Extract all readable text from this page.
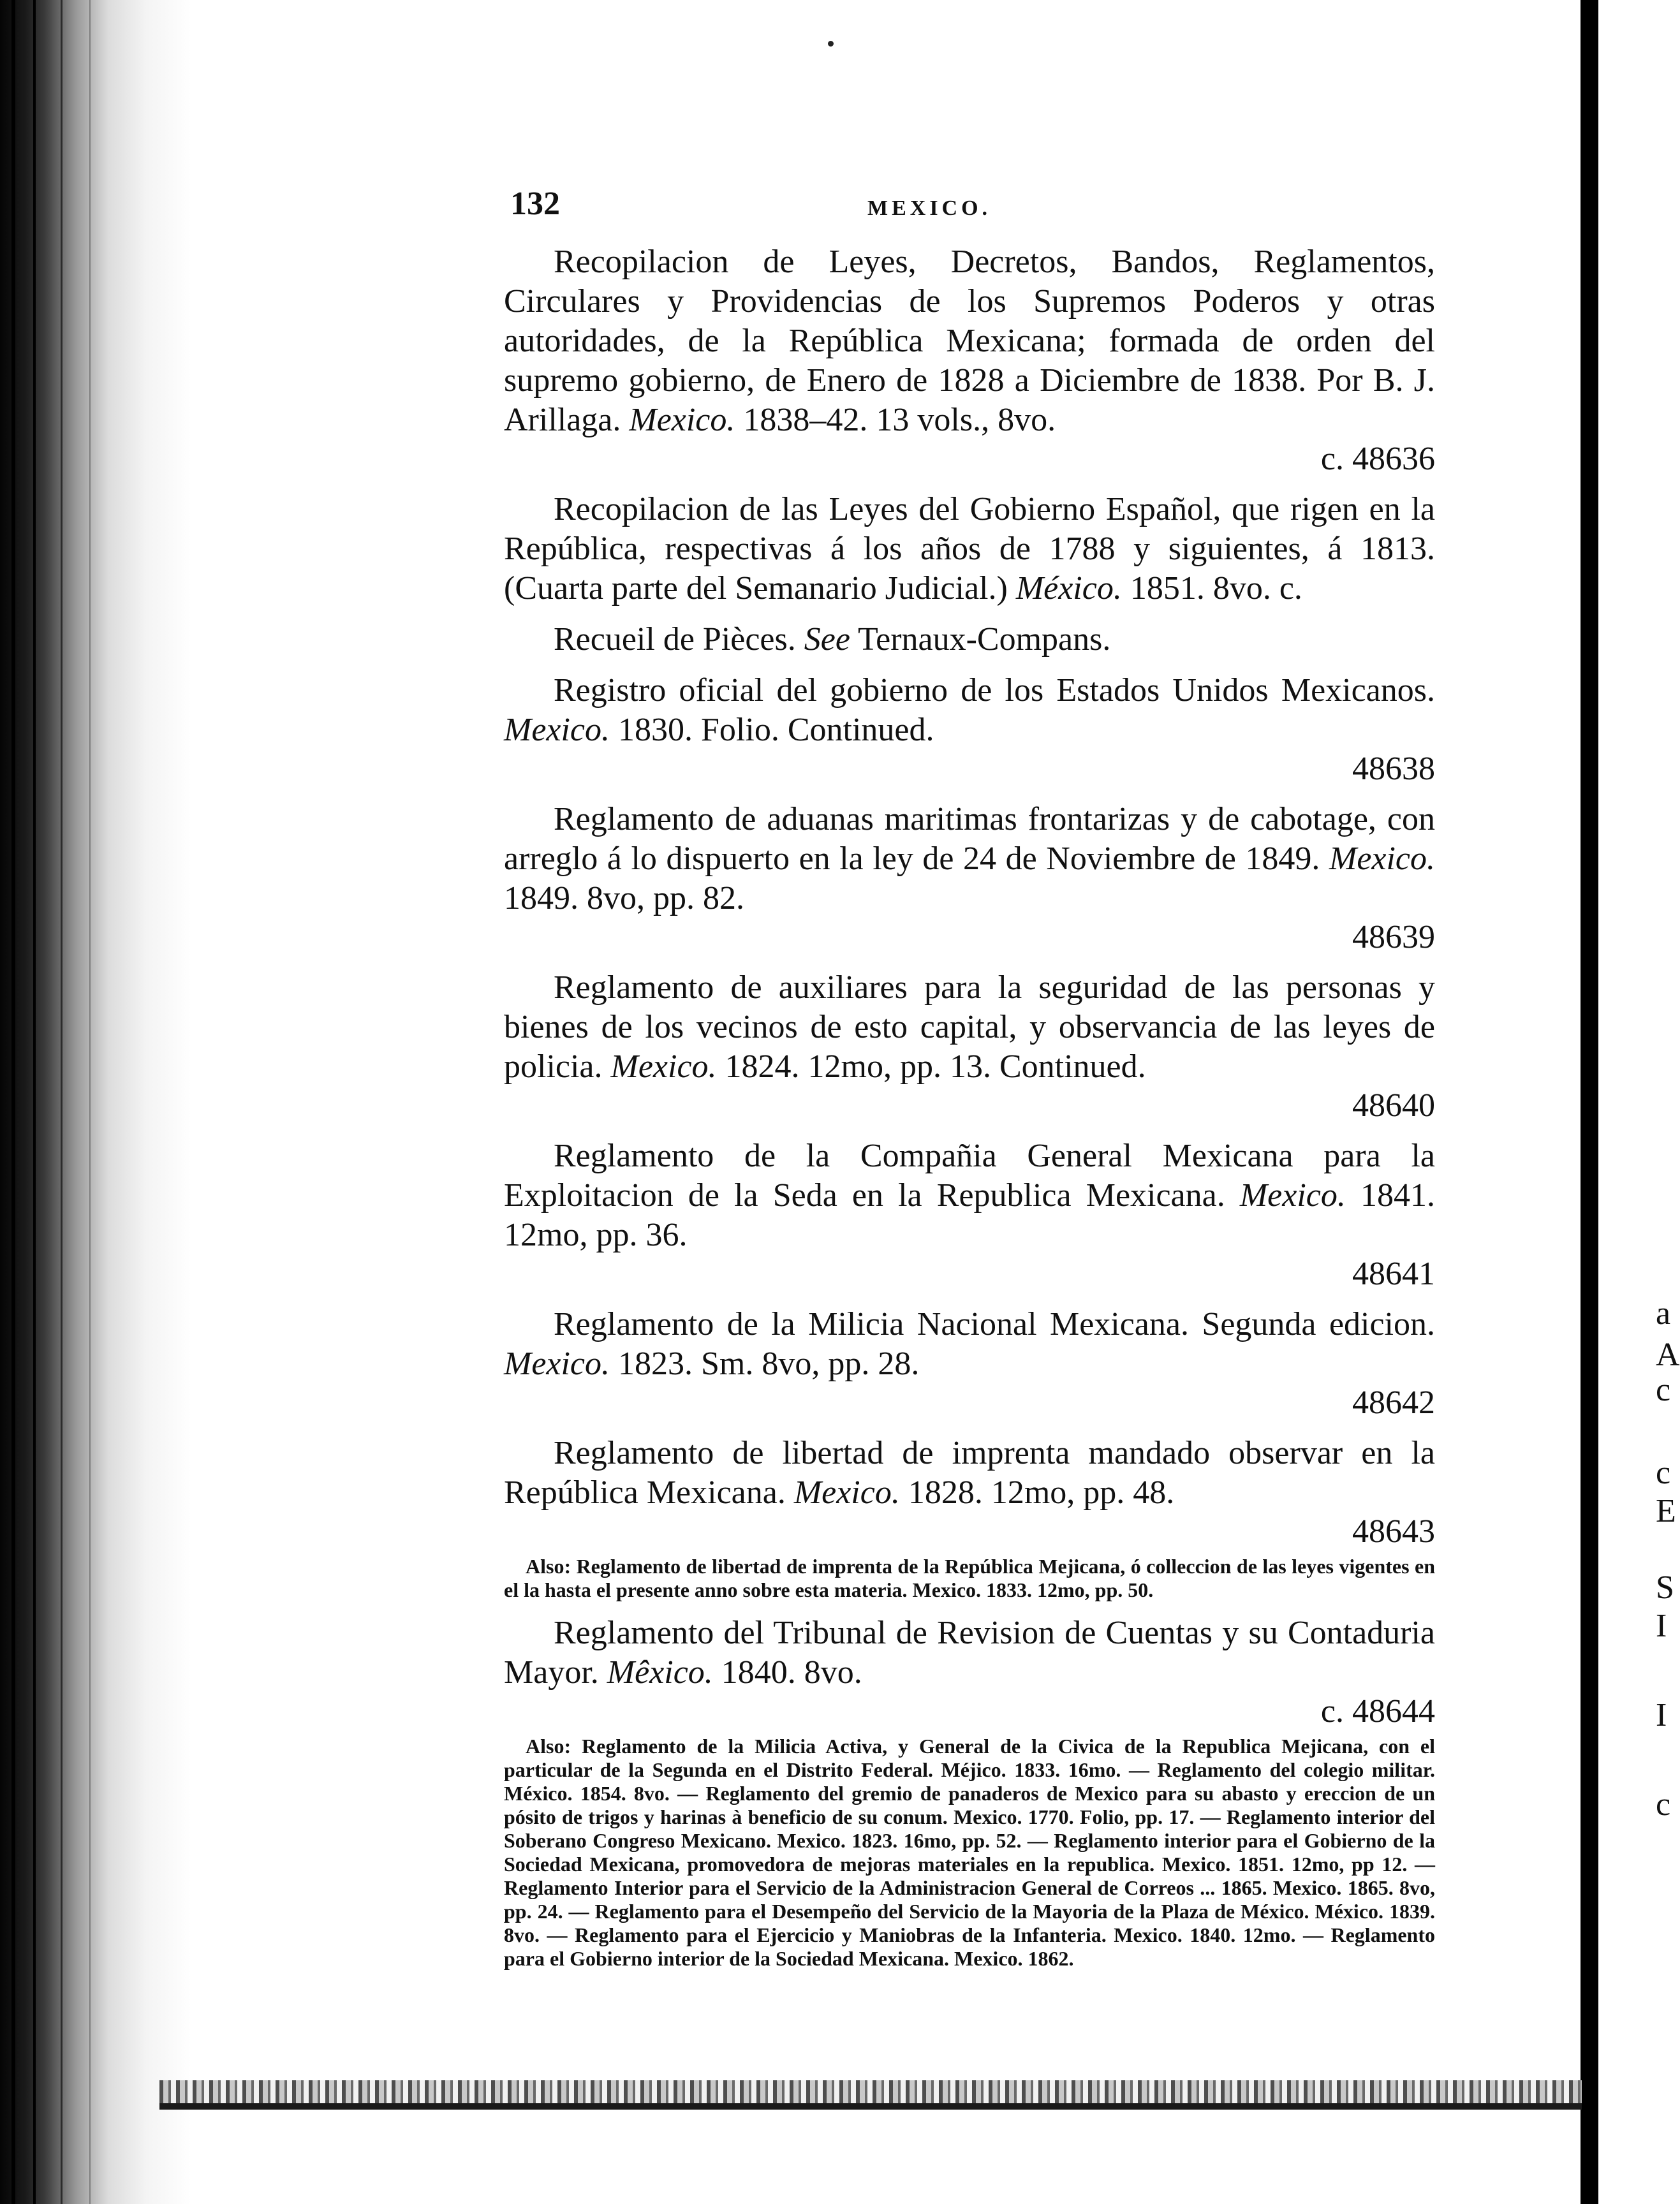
a
A
c
c
E
S
I
I
c
132	MEXICO.

Recopilacion de Leyes, Decretos, Bandos, Reglamentos, Circulares y Providencias de los Supremos Poderos y otras autoridades, de la República Mexicana; formada de orden del supremo gobierno, de Enero de 1828 a Diciembre de 1838. Por B. J. Arillaga. Mexico. 1838–42. 13 vols., 8vo.

c. 48636

Recopilacion de las Leyes del Gobierno Español, que rigen en la República, respectivas á los años de 1788 y siguientes, á 1813. (Cuarta parte del Semanario Judicial.) México. 1851. 8vo. c.

Recueil de Pièces. See Ternaux-Compans.

Registro oficial del gobierno de los Estados Unidos Mexicanos. Mexico. 1830. Folio. Continued.

48638

Reglamento de aduanas maritimas frontarizas y de cabotage, con arreglo á lo dispuerto en la ley de 24 de Noviembre de 1849. Mexico. 1849. 8vo, pp. 82.

48639

Reglamento de auxiliares para la seguridad de las personas y bienes de los vecinos de esto capital, y observancia de las leyes de policia. Mexico. 1824. 12mo, pp. 13. Continued.

48640

Reglamento de la Compañia General Mexicana para la Exploitacion de la Seda en la Republica Mexicana. Mexico. 1841. 12mo, pp. 36.

48641

Reglamento de la Milicia Nacional Mexicana. Segunda edicion. Mexico. 1823. Sm. 8vo, pp. 28.

48642

Reglamento de libertad de imprenta mandado observar en la República Mexicana. Mexico. 1828. 12mo, pp. 48.

48643

Also: Reglamento de libertad de imprenta de la República Mejicana, ó colleccion de las leyes vigentes en el la hasta el presente anno sobre esta materia. Mexico. 1833. 12mo, pp. 50.

Reglamento del Tribunal de Revision de Cuentas y su Contaduria Mayor. Mêxico. 1840. 8vo.

c. 48644

Also: Reglamento de la Milicia Activa, y General de la Civica de la Republica Mejicana, con el particular de la Segunda en el Distrito Federal. Méjico. 1833. 16mo. — Reglamento del colegio militar. México. 1854. 8vo. — Reglamento del gremio de panaderos de Mexico para su abasto y ereccion de un pósito de trigos y harinas à beneficio de su conum. Mexico. 1770. Folio, pp. 17. — Reglamento interior del Soberano Congreso Mexicano. Mexico. 1823. 16mo, pp. 52. — Reglamento interior para el Gobierno de la Sociedad Mexicana, promovedora de mejoras materiales en la republica. Mexico. 1851. 12mo, pp 12. — Reglamento Interior para el Servicio de la Administracion General de Correos ... 1865. Mexico. 1865. 8vo, pp. 24. — Reglamento para el Desempeño del Servicio de la Mayoria de la Plaza de México. México. 1839. 8vo. — Reglamento para el Ejercicio y Maniobras de la Infanteria. Mexico. 1840. 12mo. — Reglamento para el Gobierno interior de la Sociedad Mexicana. Mexico. 1862.
